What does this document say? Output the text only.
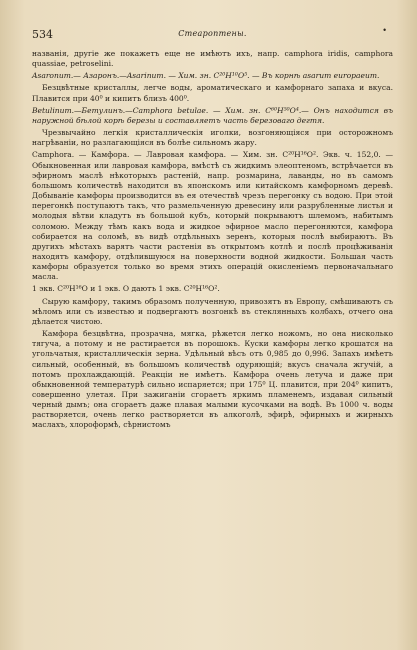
534	Стеароптены.	•

названія, другіе же покажетъ еще не имѣютъ ихъ, напр. camphora iridis, camphora quassiae, petroselini.

Asaronum.— Азаронъ.—Asarinum. — Хим. зн. C²⁰H¹⁰O⁵. — Въ корнѣ asarum europaeum.

Безцвѣтные кристаллы, легче воды, ароматическаго и камфорнаго запаха и вкуса. Плавится при 40⁰ и кипитъ близъ 400⁰.

Betulinum.—Бетулинъ.—Camphora betulae. — Хим. зн. C⁶⁰H⁵⁰O⁴.— Онъ находится въ наружной бѣлой корѣ березы и составляетъ часть березоваго дегтя.

Чрезвычайно легкія кристаллическія иголки, возгоняющіяся при осторожномъ нагрѣваніи, но разлагающіяся въ болѣе сильномъ жару.

Camphora. — Камфора. — Лавровая камфора. — Хим. зн. C²⁰H¹⁶O². Экв. ч. 152,0. — Обыкновенная или лавровая камфора, вмѣстѣ съ жидкимъ элеоптеномъ, встрѣчается въ эфирномъ маслѣ нѣкоторыхъ растеній, напр. розмарина, лаванды, но въ самомъ большомъ количествѣ находится въ японскомъ или китайскомъ камфорномъ деревѣ. Добываніе камфоры производится въ ея отечествѣ чрезъ перегонку съ водою. При этой перегонкѣ поступаютъ такъ, что размельченную древесину или разрубленные листья и молодыя вѣтви кладутъ въ большой кубъ, который покрываютъ шлемомъ, набитымъ соломою. Между тѣмъ какъ вода и жидкое эфирное масло перегоняются, камфора собирается на соломѣ, въ видѣ отдѣльныхъ зеренъ, которыя послѣ выбираютъ. Въ другихъ мѣстахъ варятъ части растенія въ открытомъ котлѣ и послѣ процѣживанія находятъ камфору, отдѣлившуюся на поверхности водной жидкости. Большая часть камфоры образуется только во время этихъ операцій окисленіемъ первоначальнаго масла.

1 экв. C²⁰H¹⁶O и 1 экв. O даютъ 1 экв. C²⁰H¹⁶O².

Сырую камфору, такимъ образомъ полученную, привозятъ въ Европу, смѣшиваютъ съ мѣломъ или съ известью и подвергаютъ возгонкѣ въ стеклянныхъ колбахъ, отчего она дѣлается чистою.

Камфора безцвѣтна, прозрачна, мягка, рѣжется легко ножомъ, но она нисколько тягуча, а потому и не растирается въ порошокъ. Куски камфоры легко крошатся на угольчатыя, кристаллическія зерна. Удѣльный вѣсъ отъ 0,985 до 0,996. Запахъ имѣетъ сильный, особенный, въ большомъ количествѣ одуряющій; вкусъ сначала жгучій, а потомъ прохлаждающій. Реакціи не имѣетъ. Камфора очень летуча и даже при обыкновенной температурѣ сильно испаряется; при 175⁰ Ц. плавится, при 204⁰ кипитъ, совершенно улетая. При зажиганіи сгораетъ яркимъ пламенемъ, издавая сильный черный дымъ; она сгораетъ даже плавая малыми кусочками на водѣ. Въ 1000 ч. воды растворяется, очень легко растворяется въ алкоголѣ, эфирѣ, эфирныхъ и жирныхъ маслахъ, хлороформѣ, сѣрнистомъ
